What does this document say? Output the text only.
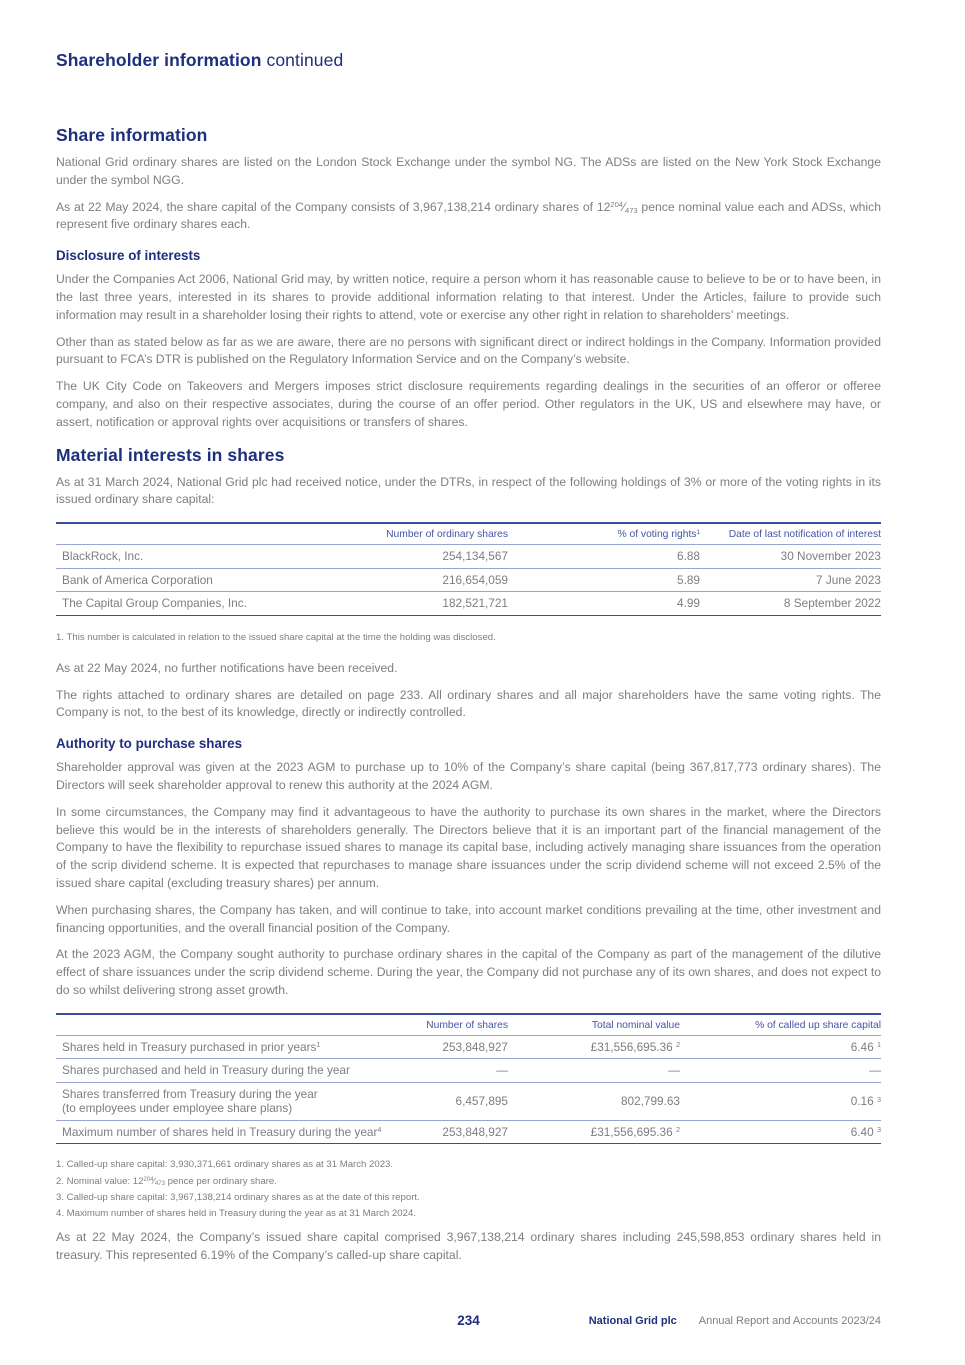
Shareholder information continued
Share information

National Grid ordinary shares are listed on the London Stock Exchange under the symbol NG. The ADSs are listed on the New York Stock Exchange under the symbol NGG.

As at 22 May 2024, the share capital of the Company consists of 3,967,138,214 ordinary shares of $12^{204}⁄_{473}$ pence nominal value each and ADSs, which represent five ordinary shares each.

Disclosure of interests

Under the Companies Act 2006, National Grid may, by written notice, require a person whom it has reasonable cause to believe to be or to have been, in the last three years, interested in its shares to provide additional information relating to that interest. Under the Articles, failure to provide such information may result in a shareholder losing their rights to attend, vote or exercise any other right in relation to shareholders’ meetings.

Other than as stated below as far as we are aware, there are no persons with significant direct or indirect holdings in the Company. Information provided pursuant to FCA’s DTR is published on the Regulatory Information Service and on the Company’s website.

The UK City Code on Takeovers and Mergers imposes strict disclosure requirements regarding dealings in the securities of an offeror or offeree company, and also on their respective associates, during the course of an offer period. Other regulators in the UK, US and elsewhere may have, or assert, notification or approval rights over acquisitions or transfers of shares.

Material interests in shares

As at 31 March 2024, National Grid plc had received notice, under the DTRs, in respect of the following holdings of 3% or more of the voting rights in its issued ordinary share capital:

	Number of ordinary shares	% of voting rights$^1$	Date of last notification of interest
BlackRock, Inc.	254,134,567	6.88	30 November 2023
Bank of America Corporation	216,654,059	5.89	7 June 2023
The Capital Group Companies, Inc.	182,521,721	4.99	8 September 2022
1. This number is calculated in relation to the issued share capital at the time the holding was disclosed.

As at 22 May 2024, no further notifications have been received.

The rights attached to ordinary shares are detailed on page 233. All ordinary shares and all major shareholders have the same voting rights. The Company is not, to the best of its knowledge, directly or indirectly controlled.

Authority to purchase shares

Shareholder approval was given at the 2023 AGM to purchase up to 10% of the Company’s share capital (being 367,817,773 ordinary shares). The Directors will seek shareholder approval to renew this authority at the 2024 AGM.

In some circumstances, the Company may find it advantageous to have the authority to purchase its own shares in the market, where the Directors believe this would be in the interests of shareholders generally. The Directors believe that it is an important part of the financial management of the Company to have the flexibility to repurchase issued shares to manage its capital base, including actively managing share issuances from the operation of the scrip dividend scheme. It is expected that repurchases to manage share issuances under the scrip dividend scheme will not exceed 2.5% of the issued share capital (excluding treasury shares) per annum.

When purchasing shares, the Company has taken, and will continue to take, into account market conditions prevailing at the time, other investment and financing opportunities, and the overall financial position of the Company.

At the 2023 AGM, the Company sought authority to purchase ordinary shares in the capital of the Company as part of the management of the dilutive effect of share issuances under the scrip dividend scheme. During the year, the Company did not purchase any of its own shares, and does not expect to do so whilst delivering strong asset growth.

	Number of shares	Total nominal value	% of called up share capital
Shares held in Treasury purchased in prior years$^1$	253,848,927	£31,556,695.36 $^2$	6.46 $^1$
Shares purchased and held in Treasury during the year	—	—	—
Shares transferred from Treasury during the year
(to employees under employee share plans)	6,457,895	802,799.63	0.16 $^3$
Maximum number of shares held in Treasury during the year$^4$	253,848,927	£31,556,695.36 $^2$	6.40 $^3$
1. Called-up share capital: 3,930,371,661 ordinary shares as at 31 March 2023.
2. Nominal value: $12^{204}⁄_{473}$ pence per ordinary share.
3. Called-up share capital: 3,967,138,214 ordinary shares as at the date of this report.
4. Maximum number of shares held in Treasury during the year as at 31 March 2024.

As at 22 May 2024, the Company’s issued share capital comprised 3,967,138,214 ordinary shares including 245,598,853 ordinary shares held in treasury. This represented 6.19% of the Company’s called-up share capital.

234	National Grid plc Annual Report and Accounts 2023/24
